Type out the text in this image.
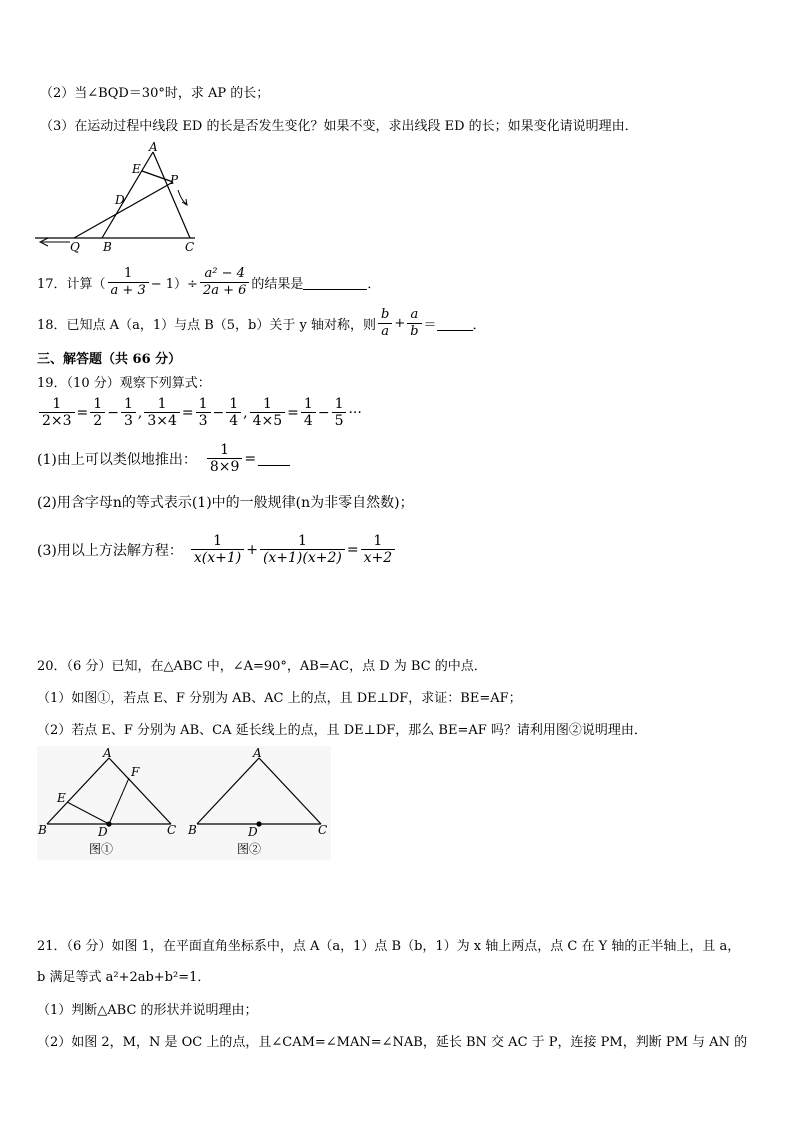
（2）当∠BQD＝30°时，求 AP 的长；
（3）在运动过程中线段 ED 的长是否发生变化？如果不变，求出线段 ED 的长；如果变化请说明理由．
A
E
P
D
Q B	C
17．计算（ $\frac{1}{a + 3} - 1)\div \frac{\text{a² − 4}}{2a + 6}$ 的结果是	．
18．已知点 A（a，1）与点 B（5，b）关于 y 轴对称，则 $\frac{b}{a} + \frac{a}{b}$ ＝	．
三、解答题（共 66 分）
19．（10 分）观察下列算式：
$\frac{1}{2\times 3} = \frac{1}{2} - \frac{1}{3}$ , $\frac{1}{3\times 4} = \frac{1}{3} - \frac{1}{4}$ , $\frac{1}{4\times 5} = \frac{1}{4} - \frac{1}{5}$ ···
(1)由上可以类似地推出： $\frac{1}{8\times 9}$ =
(2)用含字母n的等式表示(1)中的一般规律(n为非零自然数)；
(3)用以上方法解方程： $\frac{1}{x(x+1)} + \frac{1}{(x+1)(x+2)} = \frac{1}{x+2}$
20．（6 分）已知，在△ABC 中，∠A=90°，AB=AC，点 D 为 BC 的中点．
（1）如图①，若点 E、F 分别为 AB、AC 上的点，且 DE⊥DF，求证：BE=AF；
（2）若点 E、F 分别为 AB、CA 延长线上的点，且 DE⊥DF，那么 BE=AF 吗？请利用图②说明理由．
A
F
E
B	D	C
图①
A
B	D	C
图②
21．（6 分）如图 1，在平面直角坐标系中，点 A（a，1）点 B（b，1）为 x 轴上两点，点 C 在 Y 轴的正半轴上，且 a，
b 满足等式 a²+2ab+b²=1．
（1）判断△ABC 的形状并说明理由；
（2）如图 2，M，N 是 OC 上的点，且∠CAM=∠MAN=∠NAB，延长 BN 交 AC 于 P，连接 PM，判断 PM 与 AN 的
